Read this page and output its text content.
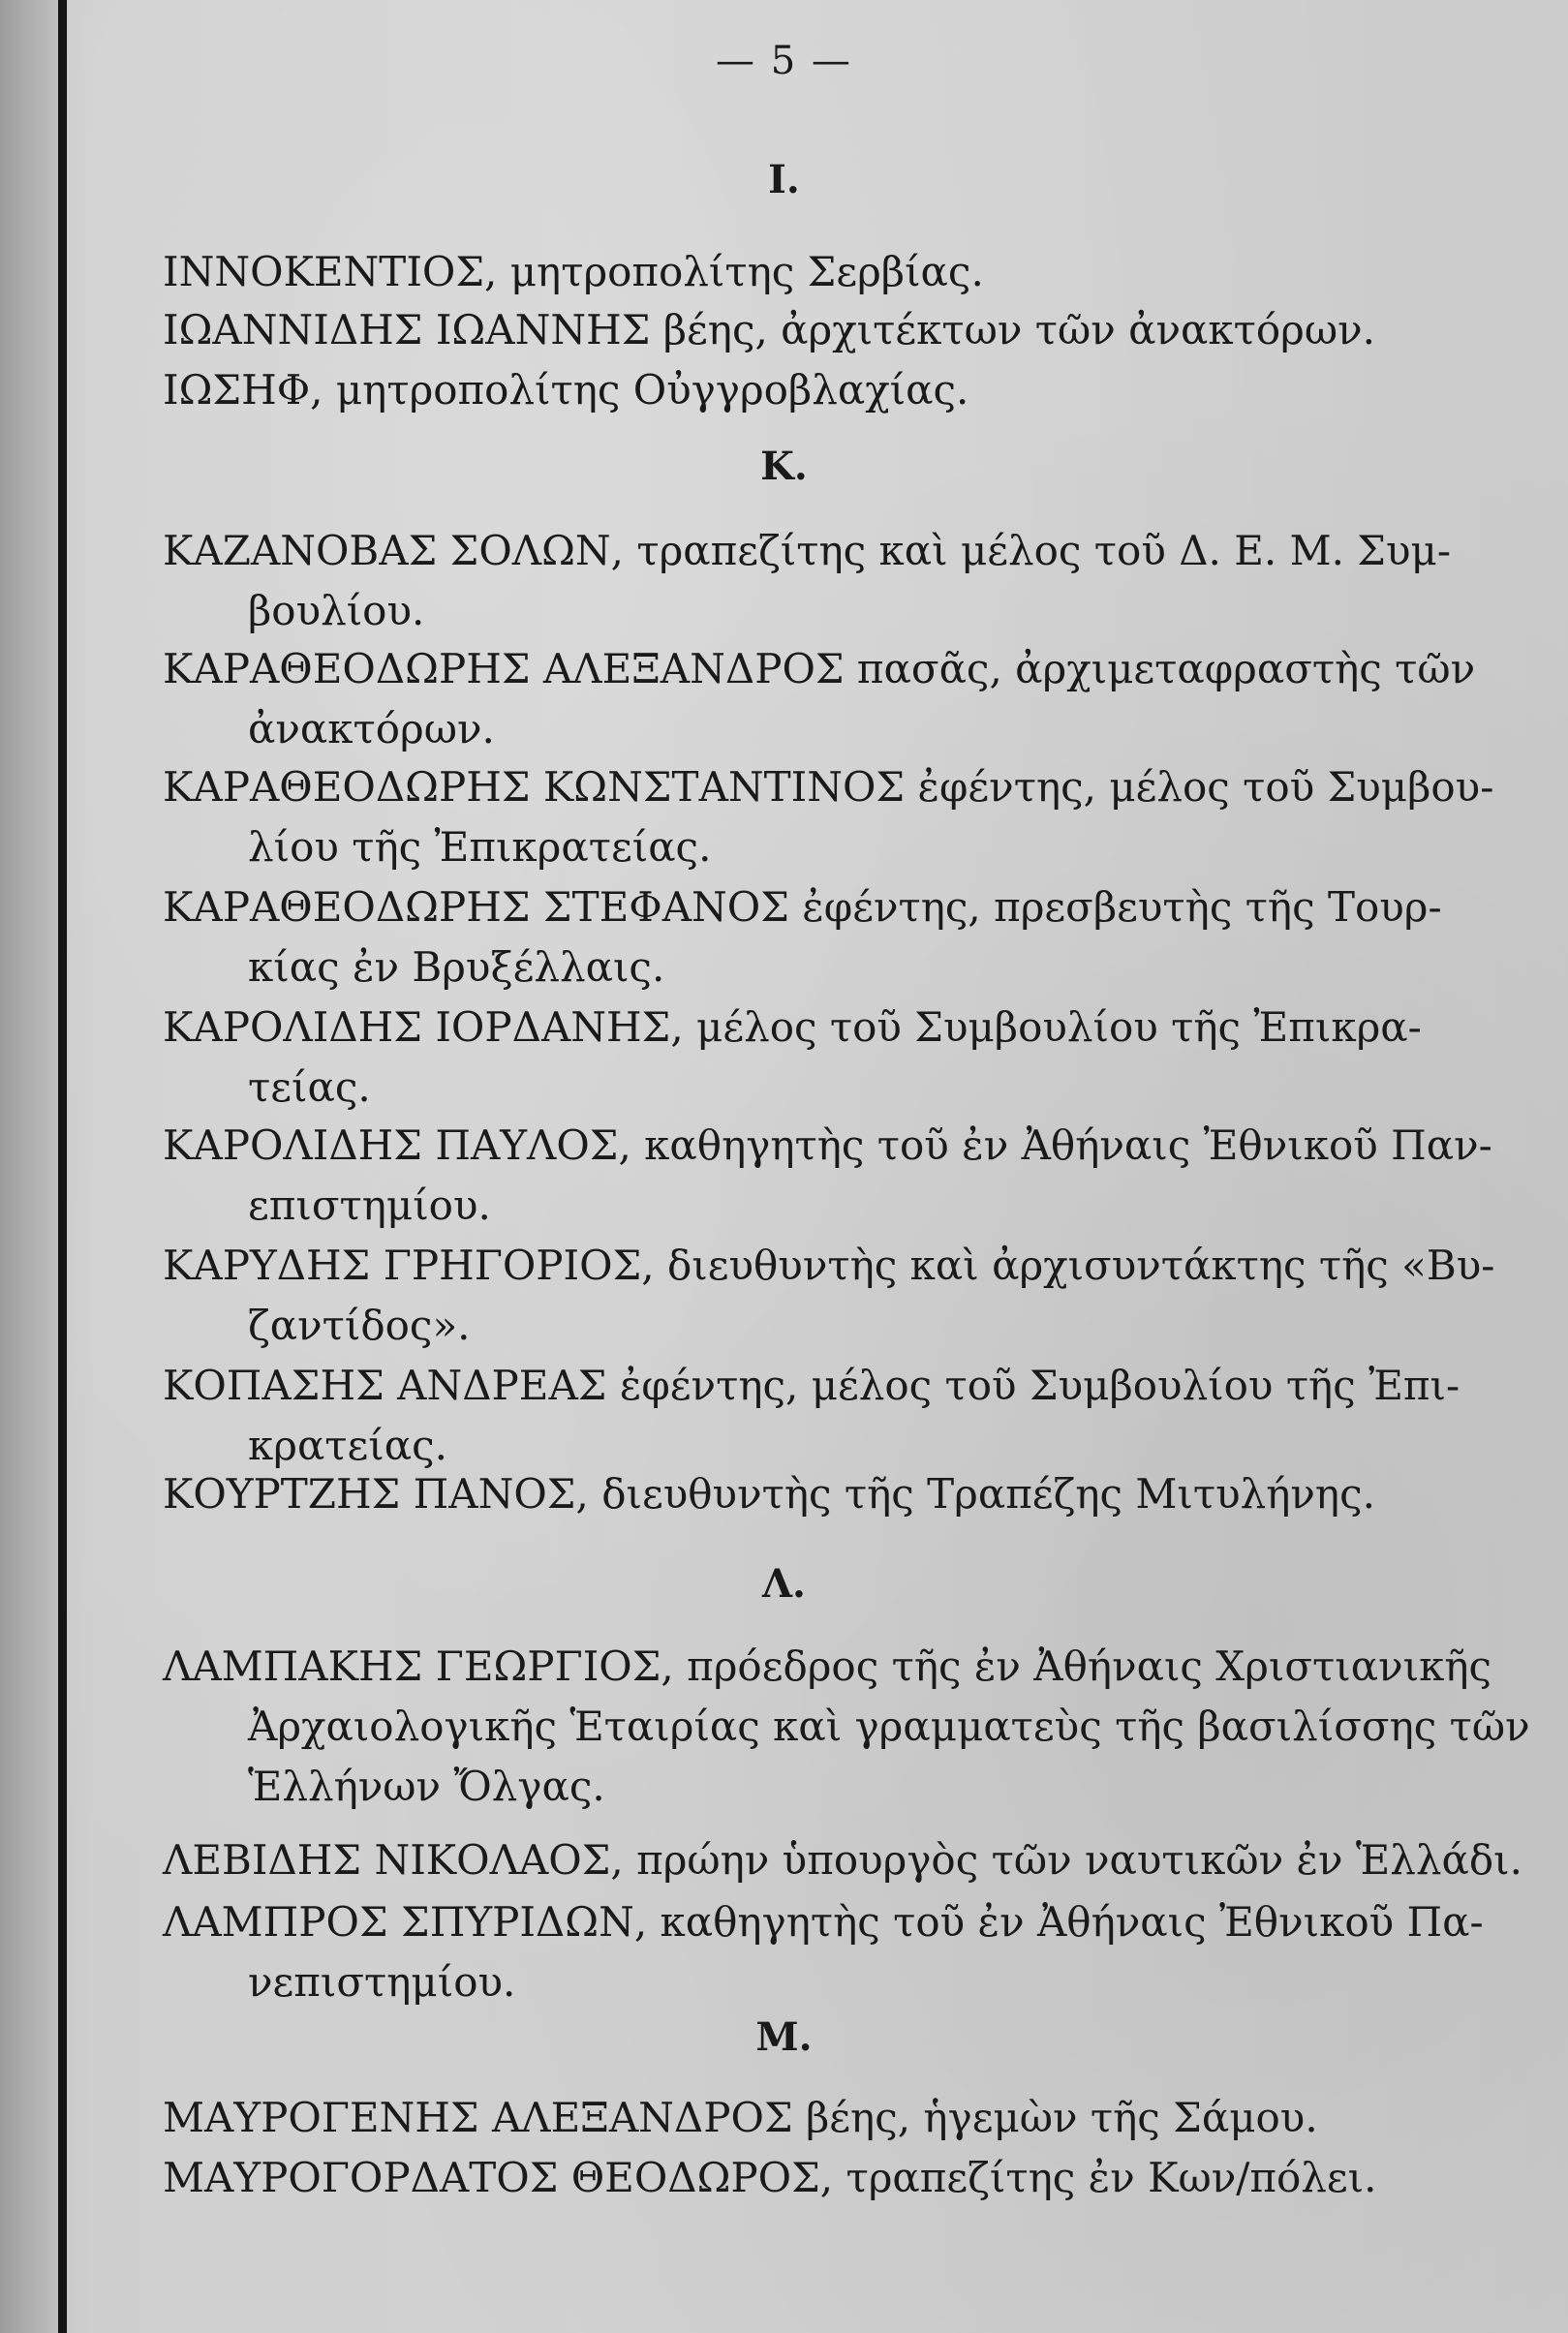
— 5 —
Ι.

ΙΝΝΟΚΕΝΤΙΟΣ, μητροπολίτης Σερβίας.

ΙΩΑΝΝΙΔΗΣ ΙΩΑΝΝΗΣ βέης, ἀρχιτέκτων τῶν ἀνακτόρων.

ΙΩΣΗΦ, μητροπολίτης Οὐγγροβλαχίας.

Κ.

ΚΑΖΑΝΟΒΑΣ ΣΟΛΩΝ, τραπεζίτης καὶ μέλος τοῦ Δ. Ε. Μ. Συμ-
βουλίου.

ΚΑΡΑΘΕΟΔΩΡΗΣ ΑΛΕΞΑΝΔΡΟΣ πασᾶς, ἀρχιμεταφραστὴς τῶν
ἀνακτόρων.

ΚΑΡΑΘΕΟΔΩΡΗΣ ΚΩΝΣΤΑΝΤΙΝΟΣ ἐφέντης, μέλος τοῦ Συμβου-
λίου τῆς Ἐπικρατείας.

ΚΑΡΑΘΕΟΔΩΡΗΣ ΣΤΕΦΑΝΟΣ ἐφέντης, πρεσβευτὴς τῆς Τουρ-
κίας ἐν Βρυξέλλαις.

ΚΑΡΟΛΙΔΗΣ ΙΟΡΔΑΝΗΣ, μέλος τοῦ Συμβουλίου τῆς Ἐπικρα-
τείας.

ΚΑΡΟΛΙΔΗΣ ΠΑΥΛΟΣ, καθηγητὴς τοῦ ἐν Ἀθήναις Ἐθνικοῦ Παν-
επιστημίου.

ΚΑΡΥΔΗΣ ΓΡΗΓΟΡΙΟΣ, διευθυντὴς καὶ ἀρχισυντάκτης τῆς «Βυ-
ζαντίδος».

ΚΟΠΑΣΗΣ ΑΝΔΡΕΑΣ ἐφέντης, μέλος τοῦ Συμβουλίου τῆς Ἐπι-
κρατείας.

ΚΟΥΡΤΖΗΣ ΠΑΝΟΣ, διευθυντὴς τῆς Τραπέζης Μιτυλήνης.

Λ.

ΛΑΜΠΑΚΗΣ ΓΕΩΡΓΙΟΣ, πρόεδρος τῆς ἐν Ἀθήναις Χριστιανικῆς
Ἀρχαιολογικῆς Ἑταιρίας καὶ γραμματεὺς τῆς βασιλίσσης τῶν
Ἑλλήνων Ὄλγας.

ΛΕΒΙΔΗΣ ΝΙΚΟΛΑΟΣ, πρώην ὑπουργὸς τῶν ναυτικῶν ἐν Ἑλλάδι.

ΛΑΜΠΡΟΣ ΣΠΥΡΙΔΩΝ, καθηγητὴς τοῦ ἐν Ἀθήναις Ἐθνικοῦ Πα-
νεπιστημίου.

Μ.

ΜΑΥΡΟΓΕΝΗΣ ΑΛΕΞΑΝΔΡΟΣ βέης, ἡγεμὼν τῆς Σάμου.

ΜΑΥΡΟΓΟΡΔΑΤΟΣ ΘΕΟΔΩΡΟΣ, τραπεζίτης ἐν Κων/πόλει.
